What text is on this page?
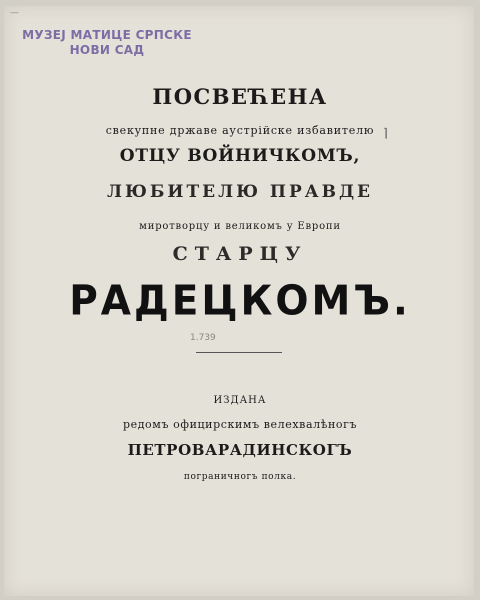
—
МУЗЕЈ МАТИЦЕ СРПСКЕ
НОВИ САД
ПОСВЕЋЕНА
свекупне државе аустрійске избавителю ⌉
ОТЦУ ВОЙНИЧКОМЪ,
ЛЮБИТЕЛЮ ПРАВДЕ
миротворцу и великомъ у Европи
СТАРЦУ
РАДЕЦКОМЪ.
1.739
ИЗДАНА
редомъ официрскимъ велехвалѣногъ
ПЕТРОВАРАДИНСКОГЪ
пограничногъ полка.
